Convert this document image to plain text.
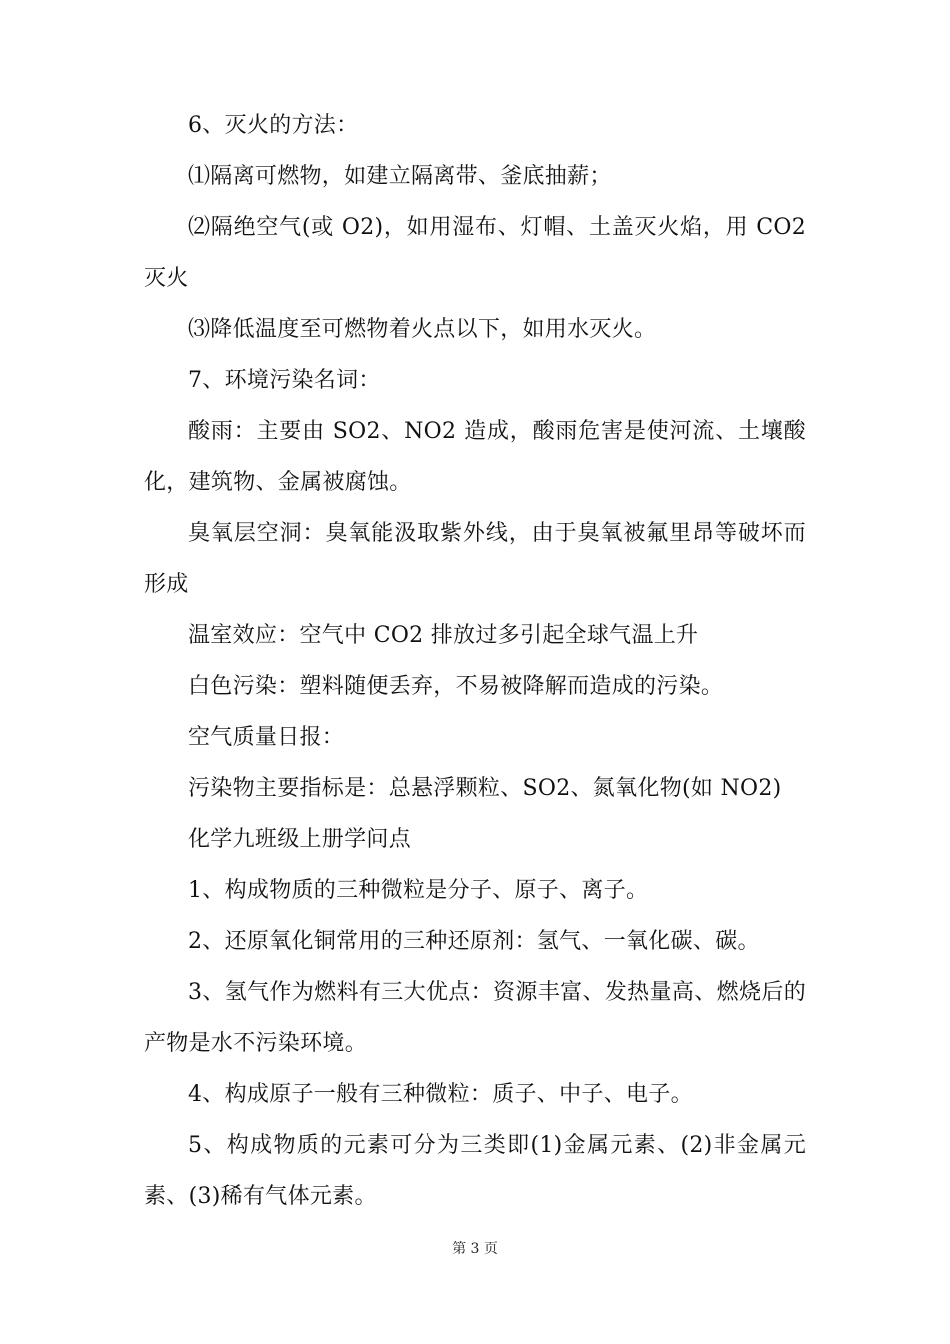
6、灭火的方法：

⑴隔离可燃物，如建立隔离带、釜底抽薪；

⑵隔绝空气(或 O2)，如用湿布、灯帽、土盖灭火焰，用 CO2 灭火

⑶降低温度至可燃物着火点以下，如用水灭火。

7、环境污染名词：

酸雨：主要由 SO2、NO2 造成，酸雨危害是使河流、土壤酸化，建筑物、金属被腐蚀。

臭氧层空洞：臭氧能汲取紫外线，由于臭氧被氟里昂等破坏而形成

温室效应：空气中 CO2 排放过多引起全球气温上升

白色污染：塑料随便丢弃，不易被降解而造成的污染。

空气质量日报：

污染物主要指标是：总悬浮颗粒、SO2、氮氧化物(如 NO2)

化学九班级上册学问点

1、构成物质的三种微粒是分子、原子、离子。

2、还原氧化铜常用的三种还原剂：氢气、一氧化碳、碳。

3、氢气作为燃料有三大优点：资源丰富、发热量高、燃烧后的产物是水不污染环境。

4、构成原子一般有三种微粒：质子、中子、电子。

5、构成物质的元素可分为三类即(1)金属元素、(2)非金属元素、(3)稀有气体元素。

第 3 页
